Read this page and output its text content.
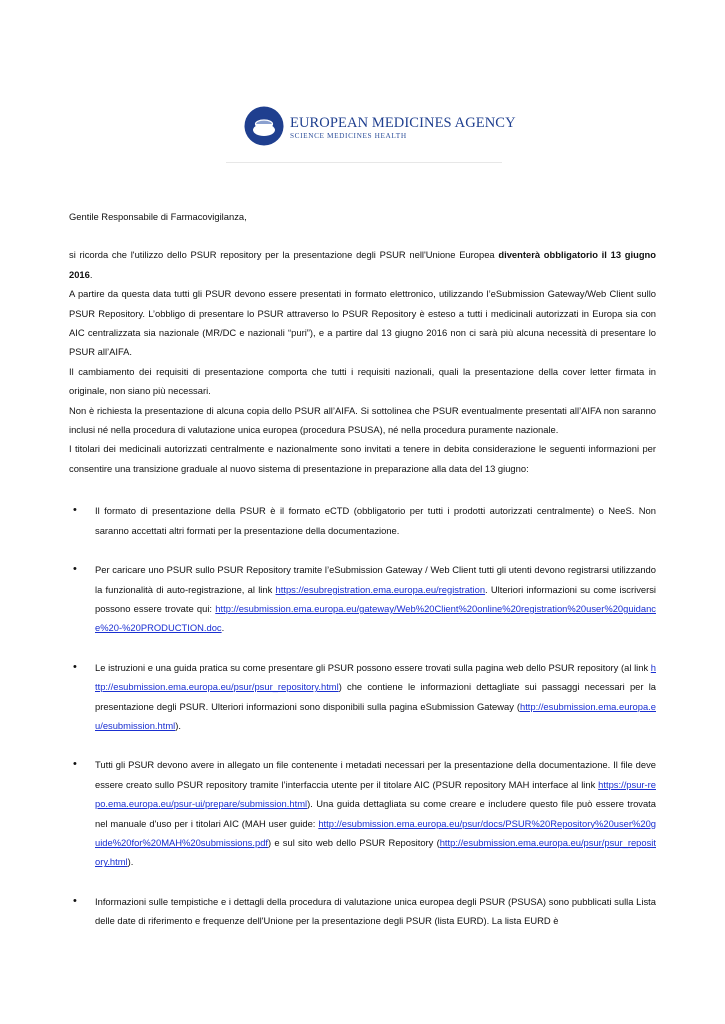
EUROPEAN MEDICINES AGENCY
SCIENCE MEDICINES HEALTH

Gentile Responsabile di Farmacovigilanza,

si ricorda che l'utilizzo dello PSUR repository per la presentazione degli PSUR nell'Unione Europea diventerà obbligatorio il 13 giugno 2016.

A partire da questa data tutti gli PSUR devono essere presentati in formato elettronico, utilizzando l’eSubmission Gateway/Web Client sullo PSUR Repository. L’obbligo di presentare lo PSUR attraverso lo PSUR Repository è esteso a tutti i medicinali autorizzati in Europa sia con AIC centralizzata sia nazionale (MR/DC e nazionali “puri”), e a partire dal 13 giugno 2016 non ci sarà più alcuna necessità di presentare lo PSUR all’AIFA.

Il cambiamento dei requisiti di presentazione comporta che tutti i requisiti nazionali, quali la presentazione della cover letter firmata in originale, non siano più necessari.

Non è richiesta la presentazione di alcuna copia dello PSUR all’AIFA. Si sottolinea che PSUR eventualmente presentati all’AIFA non saranno inclusi né nella procedura di valutazione unica europea (procedura PSUSA), né nella procedura puramente nazionale.

I titolari dei medicinali autorizzati centralmente e nazionalmente sono invitati a tenere in debita considerazione le seguenti informazioni per consentire una transizione graduale al nuovo sistema di presentazione in preparazione alla data del 13 giugno:

• Il formato di presentazione della PSUR è il formato eCTD (obbligatorio per tutti i prodotti autorizzati centralmente) o NeeS. Non saranno accettati altri formati per la presentazione della documentazione.
• Per caricare uno PSUR sullo PSUR Repository tramite l’eSubmission Gateway / Web Client tutti gli utenti devono registrarsi utilizzando la funzionalità di auto-registrazione, al link https://esubregistration.ema.europa.eu/registration. Ulteriori informazioni su come iscriversi possono essere trovate qui: http://esubmission.ema.europa.eu/gateway/Web%20Client%20online%20registration%20user%20guidance%20-%20PRODUCTION.doc.
• Le istruzioni e una guida pratica su come presentare gli PSUR possono essere trovati sulla pagina web dello PSUR repository (al link http://esubmission.ema.europa.eu/psur/psur_repository.html) che contiene le informazioni dettagliate sui passaggi necessari per la presentazione degli PSUR. Ulteriori informazioni sono disponibili sulla pagina eSubmission Gateway (http://esubmission.ema.europa.eu/esubmission.html).
• Tutti gli PSUR devono avere in allegato un file contenente i metadati necessari per la presentazione della documentazione. Il file deve essere creato sullo PSUR repository tramite l’interfaccia utente per il titolare AIC (PSUR repository MAH interface al link https://psur-repo.ema.europa.eu/psur-ui/prepare/submission.html). Una guida dettagliata su come creare e includere questo file può essere trovata nel manuale d'uso per i titolari AIC (MAH user guide: http://esubmission.ema.europa.eu/psur/docs/PSUR%20Repository%20user%20guide%20for%20MAH%20submissions.pdf) e sul sito web dello PSUR Repository (http://esubmission.ema.europa.eu/psur/psur_repository.html).
• Informazioni sulle tempistiche e i dettagli della procedura di valutazione unica europea degli PSUR (PSUSA) sono pubblicati sulla Lista delle date di riferimento e frequenze dell'Unione per la presentazione degli PSUR (lista EURD). La lista EURD è
